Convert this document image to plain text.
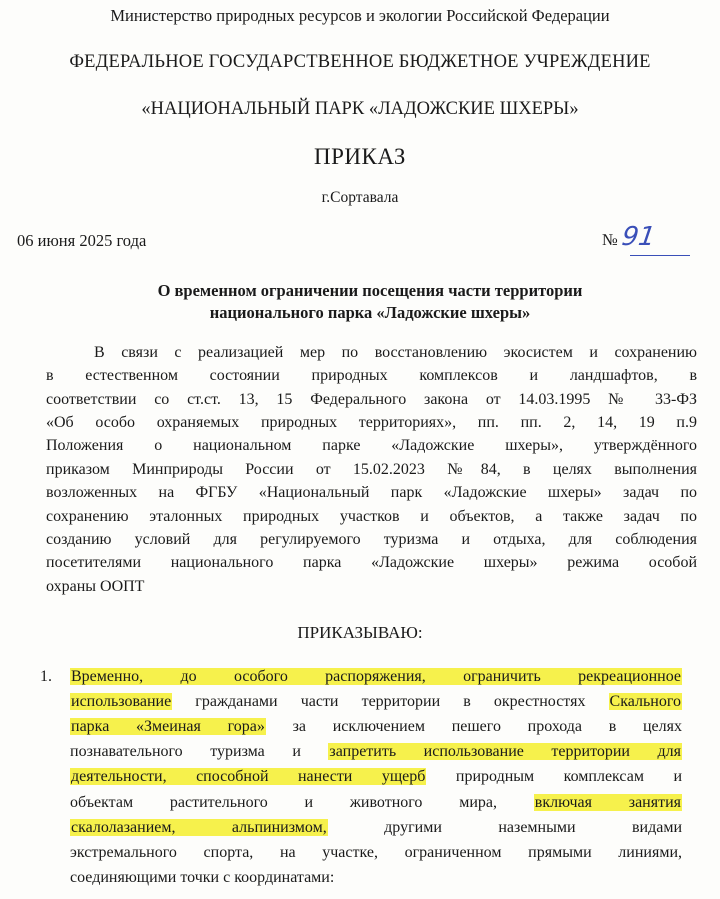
Министерство природных ресурсов и экологии Российской Федерации
ФЕДЕРАЛЬНОЕ ГОСУДАРСТВЕННОЕ БЮДЖЕТНОЕ УЧРЕЖДЕНИЕ
«НАЦИОНАЛЬНЫЙ ПАРК «ЛАДОЖСКИЕ ШХЕРЫ»
ПРИКАЗ
г.Сортавала
06 июня 2025 года	№91
О временном ограничении посещения части территории
национального парка «Ладожские шхеры»
В связи с реализацией мер по восстановлению экосистем и сохранению
в естественном состоянии природных комплексов и ландшафтов, в
соответствии со ст.ст. 13, 15 Федерального закона от 14.03.1995 № 33-ФЗ
«Об особо охраняемых природных территориях», пп. пп. 2, 14, 19 п.9
Положения о национальном парке «Ладожские шхеры», утверждённого
приказом Минприроды России от 15.02.2023 №84, в целях выполнения
возложенных на ФГБУ «Национальный парк «Ладожские шхеры» задач по
сохранению эталонных природных участков и объектов, а также задач по
созданию условий для регулируемого туризма и отдыха, для соблюдения
посетителями национального парка «Ладожские шхеры» режима особой
охраны ООПТ
ПРИКАЗЫВАЮ:
1. Временно, до особого распоряжения, ограничить рекреационное
использование гражданами части территории в окрестностях Скального
парка «Змеиная гора» за исключением пешего прохода в целях
познавательного туризма и запретить использование территории для
деятельности, способной нанести ущерб природным комплексам и
объектам растительного и животного мира, включая занятия
скалолазанием, альпинизмом, другими наземными видами
экстремального спорта, на участке, ограниченном прямыми линиями,
соединяющими точки с координатами:
